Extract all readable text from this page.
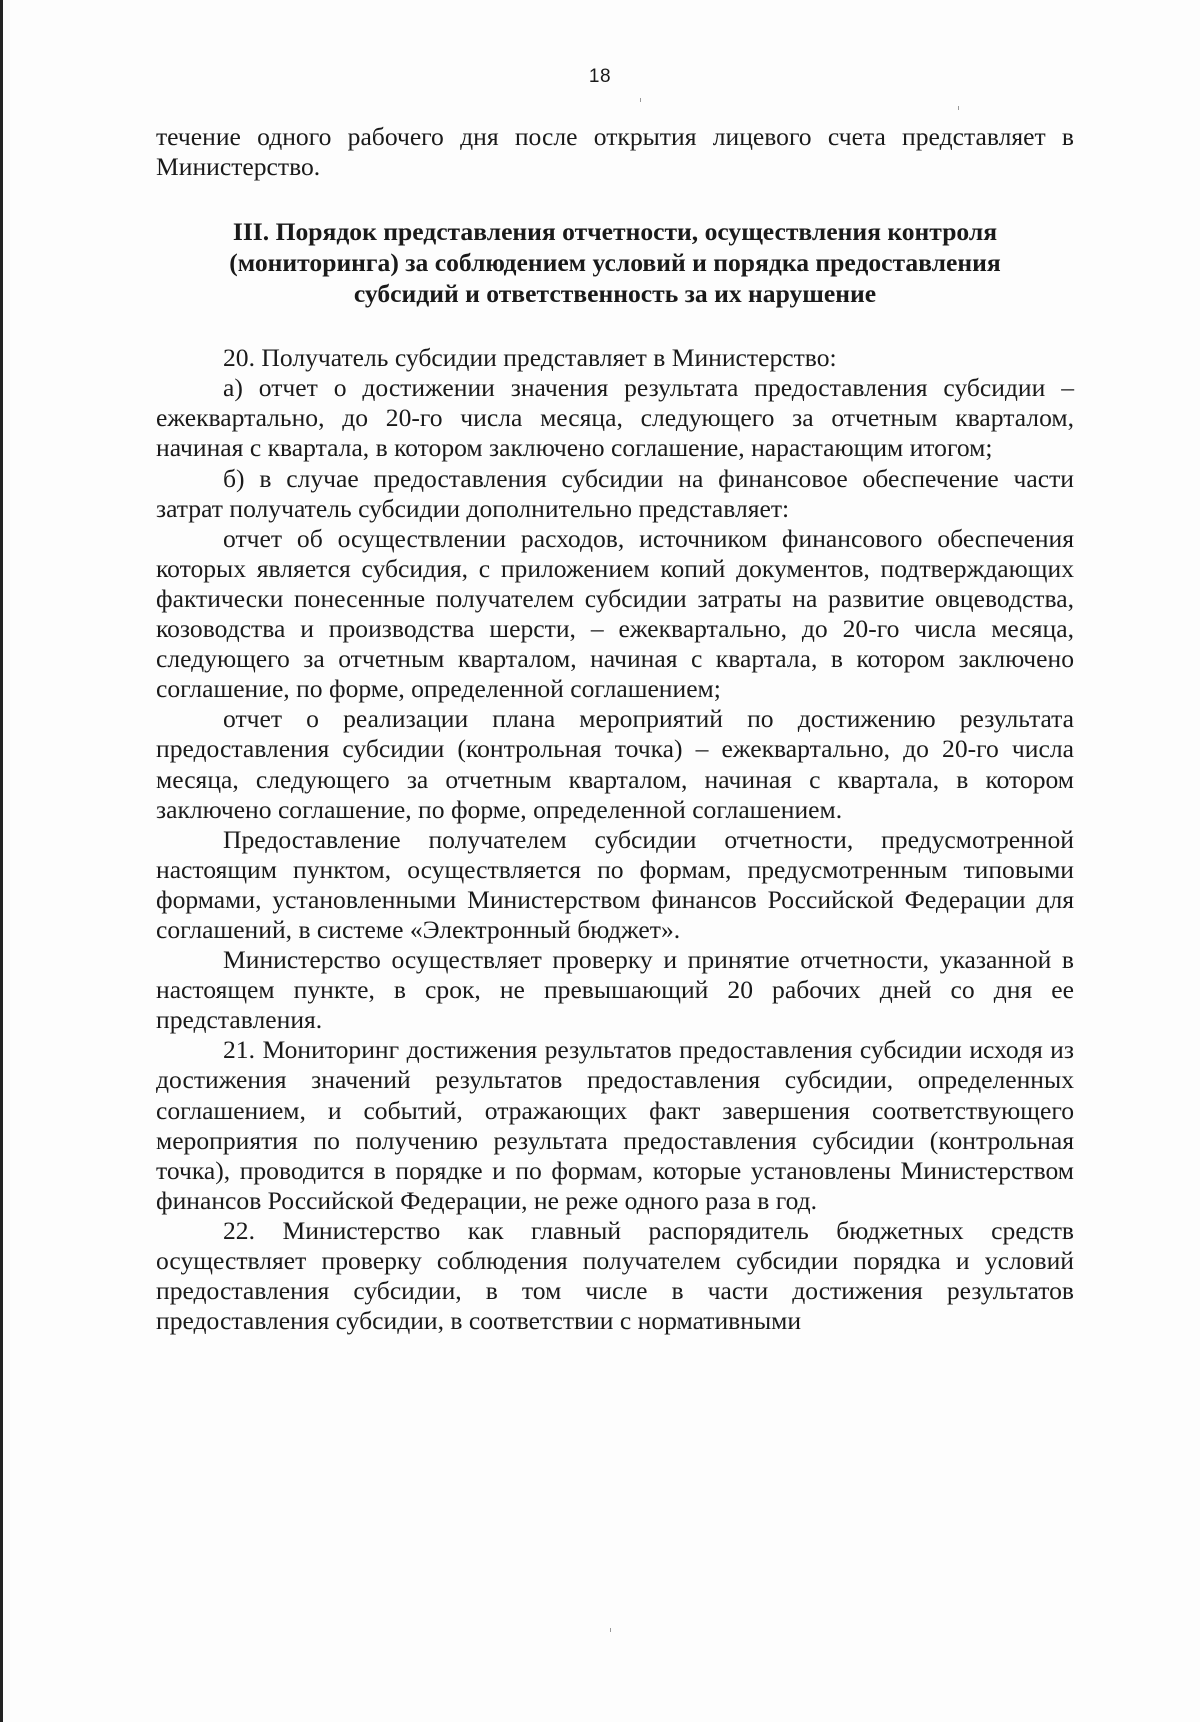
18

течение одного рабочего дня после открытия лицевого счета представляет в Министерство.

III. Порядок представления отчетности, осуществления контроля (мониторинга) за соблюдением условий и порядка предоставления субсидий и ответственность за их нарушение

20. Получатель субсидии представляет в Министерство:

а) отчет о достижении значения результата предоставления субсидии – ежеквартально, до 20-го числа месяца, следующего за отчетным кварталом, начиная с квартала, в котором заключено соглашение, нарастающим итогом;

б) в случае предоставления субсидии на финансовое обеспечение части затрат получатель субсидии дополнительно представляет:

отчет об осуществлении расходов, источником финансового обеспечения которых является субсидия, с приложением копий документов, подтверждающих фактически понесенные получателем субсидии затраты на развитие овцеводства, козоводства и производства шерсти, – ежеквартально, до 20-го числа месяца, следующего за отчетным кварталом, начиная с квартала, в котором заключено соглашение, по форме, определенной соглашением;

отчет о реализации плана мероприятий по достижению результата предоставления субсидии (контрольная точка) – ежеквартально, до 20-го числа месяца, следующего за отчетным кварталом, начиная с квартала, в котором заключено соглашение, по форме, определенной соглашением.

Предоставление получателем субсидии отчетности, предусмотренной настоящим пунктом, осуществляется по формам, предусмотренным типовыми формами, установленными Министерством финансов Российской Федерации для соглашений, в системе «Электронный бюджет».

Министерство осуществляет проверку и принятие отчетности, указанной в настоящем пункте, в срок, не превышающий 20 рабочих дней со дня ее представления.

21. Мониторинг достижения результатов предоставления субсидии исходя из достижения значений результатов предоставления субсидии, определенных соглашением, и событий, отражающих факт завершения соответствующего мероприятия по получению результата предоставления субсидии (контрольная точка), проводится в порядке и по формам, которые установлены Министерством финансов Российской Федерации, не реже одного раза в год.

22. Министерство как главный распорядитель бюджетных средств осуществляет проверку соблюдения получателем субсидии порядка и условий предоставления субсидии, в том числе в части достижения результатов предоставления субсидии, в соответствии с нормативными
